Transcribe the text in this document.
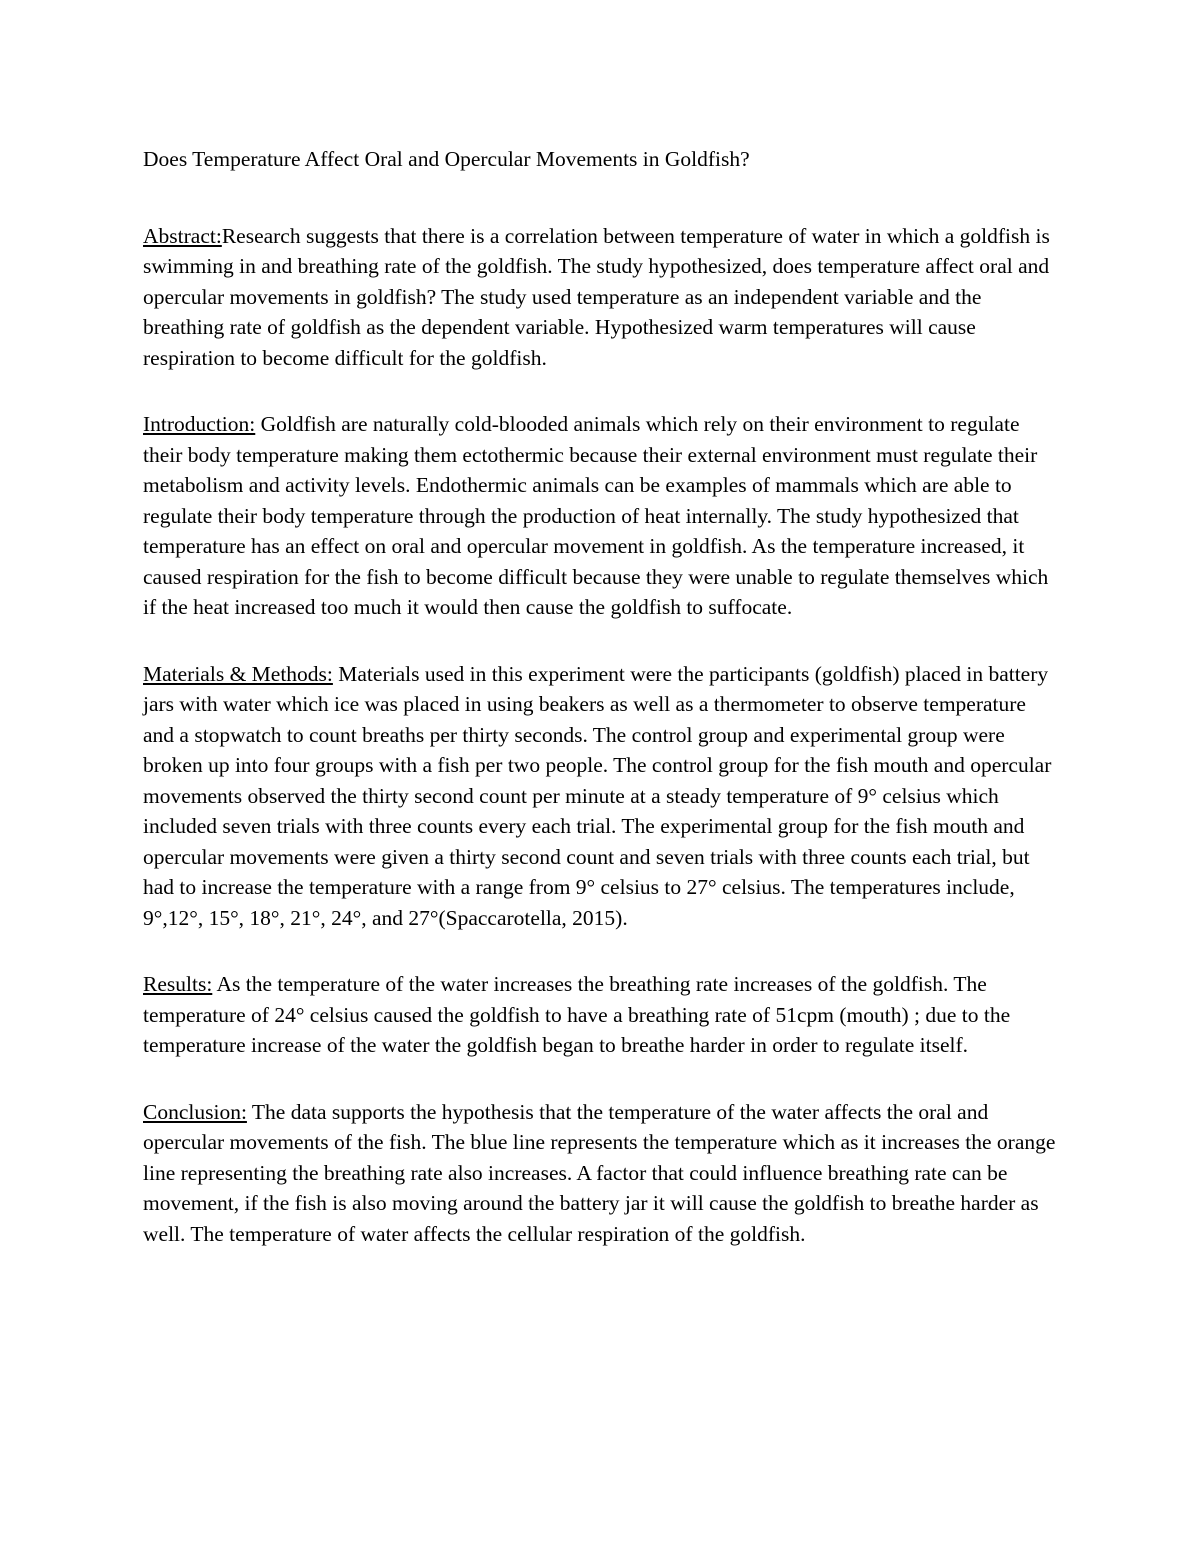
Does Temperature Affect Oral and Opercular Movements in Goldfish?

Abstract:Research suggests that there is a correlation between temperature of water in which a goldfish is swimming in and breathing rate of the goldfish. The study hypothesized, does temperature affect oral and opercular movements in goldfish? The study used temperature as an independent variable and the breathing rate of goldfish as the dependent variable. Hypothesized warm temperatures will cause respiration to become difficult for the goldfish.

Introduction: Goldfish are naturally cold-blooded animals which rely on their environment to regulate their body temperature making them ectothermic because their external environment must regulate their metabolism and activity levels. Endothermic animals can be examples of mammals which are able to regulate their body temperature through the production of heat internally. The study hypothesized that temperature has an effect on oral and opercular movement in goldfish. As the temperature increased, it caused respiration for the fish to become difficult because they were unable to regulate themselves which if the heat increased too much it would then cause the goldfish to suffocate.

Materials & Methods: Materials used in this experiment were the participants (goldfish) placed in battery jars with water which ice was placed in using beakers as well as a thermometer to observe temperature and a stopwatch to count breaths per thirty seconds. The control group and experimental group were broken up into four groups with a fish per two people. The control group for the fish mouth and opercular movements observed the thirty second count per minute at a steady temperature of 9° celsius which included seven trials with three counts every each trial. The experimental group for the fish mouth and opercular movements were given a thirty second count and seven trials with three counts each trial, but had to increase the temperature with a range from 9° celsius to 27° celsius. The temperatures include, 9°,12°, 15°, 18°, 21°, 24°, and 27°(Spaccarotella, 2015).

Results: As the temperature of the water increases the breathing rate increases of the goldfish. The temperature of 24° celsius caused the goldfish to have a breathing rate of 51cpm (mouth) ; due to the temperature increase of the water the goldfish began to breathe harder in order to regulate itself.

Conclusion: The data supports the hypothesis that the temperature of the water affects the oral and opercular movements of the fish. The blue line represents the temperature which as it increases the orange line representing the breathing rate also increases. A factor that could influence breathing rate can be movement, if the fish is also moving around the battery jar it will cause the goldfish to breathe harder as well. The temperature of water affects the cellular respiration of the goldfish.
